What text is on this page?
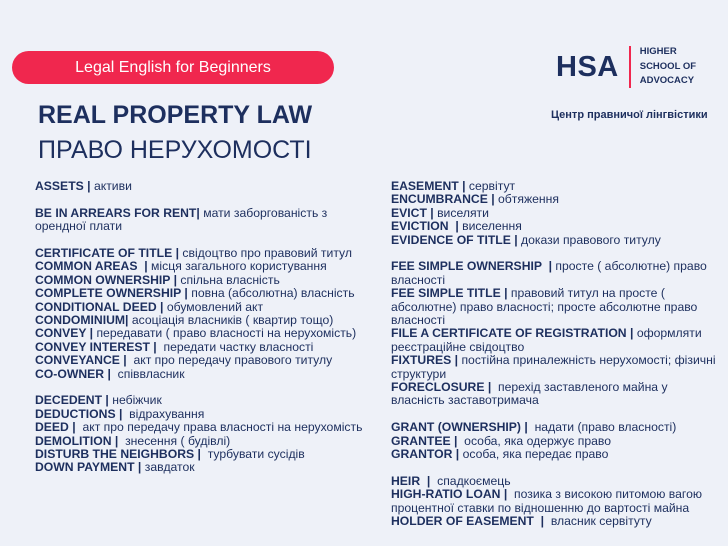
Legal English for Beginners	HSA HIGHER
SCHOOL OF
ADVOCACY
Центр правничої лінгвістики
REAL PROPERTY LAW
ПРАВО НЕРУХОМОСТІ
ASSETS | активи
BE IN ARREARS FOR RENT| мати заборгованість з орендної плати
CERTIFICATE OF TITLE | свідоцтво про правовий титул
COMMON AREAS  | місця загального користування
COMMON OWNERSHIP | спільна власність
COMPLETE OWNERSHIP | повна (абсолютна) власність
CONDITIONAL DEED | обумовлений акт
CONDOMINIUM| асоціація власників ( квартир тощо)
CONVEY | передавати ( право власності на нерухомість)
CONVEY INTEREST |  передати частку власності
CONVEYANCE |  акт про передачу правового титулу
CO-OWNER |  співвласник
DECEDENT | небіжчик
DEDUCTIONS |  відрахування
DEED |  акт про передачу права власності на нерухомість
DEMOLITION |  знесення ( будівлі)
DISTURB THE NEIGHBORS |  турбувати сусідів
DOWN PAYMENT | завдаток
EASEMENT | сервітут
ENCUMBRANCE | обтяження
EVICT | виселяти
EVICTION  | виселення
EVIDENCE OF TITLE | докази правового титулу
FEE SIMPLE OWNERSHIP  | просте ( абсолютне) право власності
FEE SIMPLE TITLE | правовий титул на просте ( абсолютне) право власності; просте абсолютне право власності
FILE A CERTIFICATE OF REGISTRATION | оформляти реєстраційне свідоцтво
FIXTURES | постійна приналежність нерухомості; фізичні структури
FORECLOSURE |  перехід заставленого майна у власність заставотримача
GRANT (OWNERSHIP) |  надати (право власності)
GRANTEE |  особа, яка одержує право
GRANTOR | особа, яка передає право
HEIR  |  спадкоємець
HIGH-RATIO LOAN |  позика з високою питомою вагою процентної ставки по відношенню до вартості майна
HOLDER OF EASEMENT  |  власник сервітуту
